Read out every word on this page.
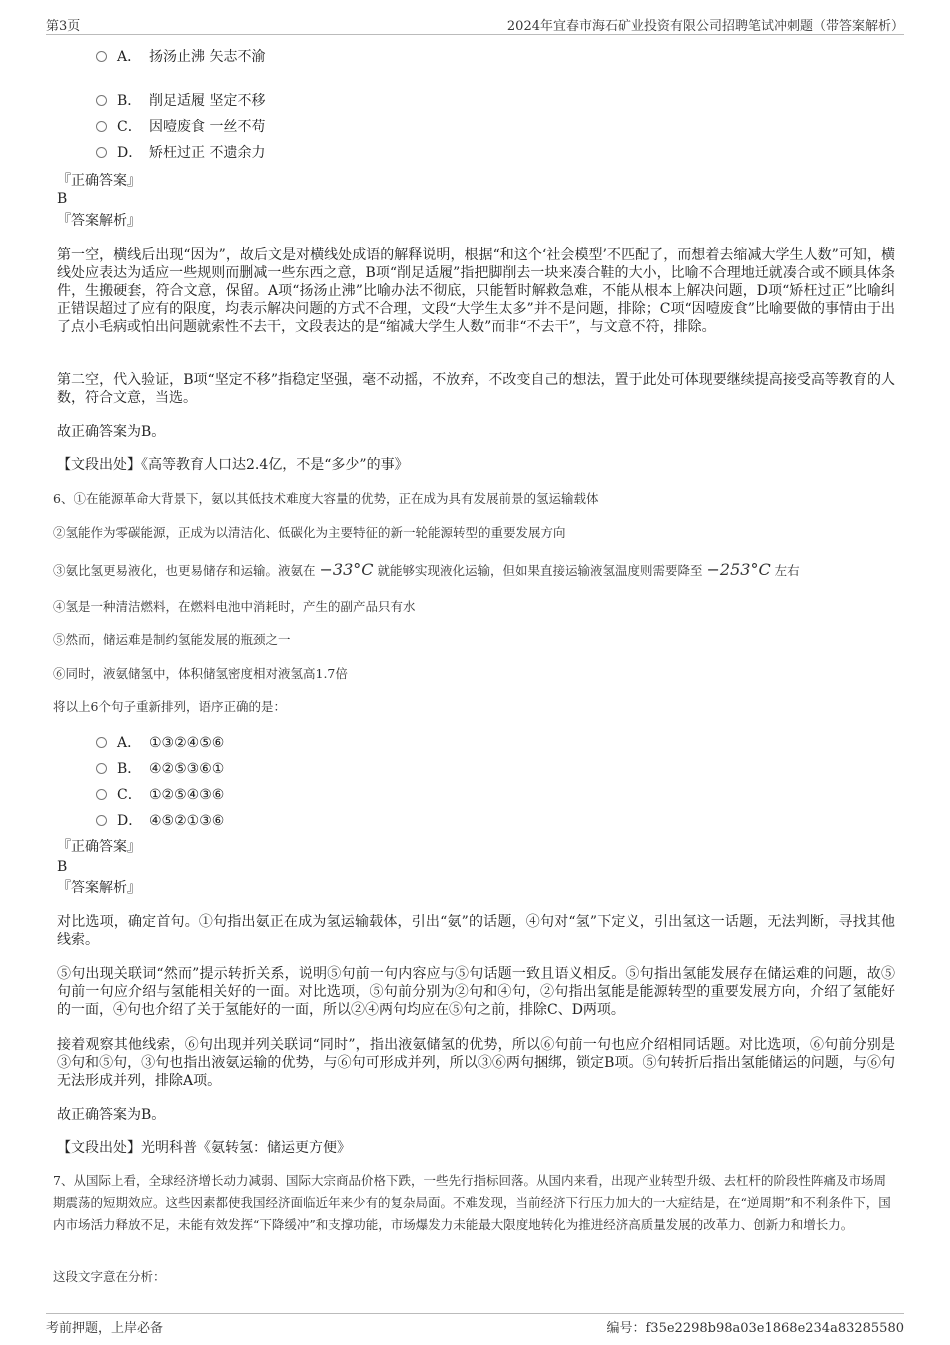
第3页	2024年宜春市海石矿业投资有限公司招聘笔试冲刺题（带答案解析）
A． 扬汤止沸 矢志不渝
B． 削足适履 坚定不移
C． 因噎废食 一丝不苟
D． 矫枉过正 不遗余力
『正确答案』
B
『答案解析』
第一空，横线后出现“因为”，故后文是对横线处成语的解释说明，根据“和这个‘社会模型’不匹配了，而想着去缩减大学生人数”可知，横线处应表达为适应一些规则而删减一些东西之意，B项“削足适履”指把脚削去一块来凑合鞋的大小，比喻不合理地迁就凑合或不顾具体条件，生搬硬套，符合文意，保留。A项“扬汤止沸”比喻办法不彻底，只能暂时解救急难，不能从根本上解决问题，D项“矫枉过正”比喻纠正错误超过了应有的限度，均表示解决问题的方式不合理，文段“大学生太多”并不是问题，排除；C项“因噎废食”比喻要做的事情由于出了点小毛病或怕出问题就索性不去干，文段表达的是“缩减大学生人数”而非“不去干”，与文意不符，排除。
第二空，代入验证，B项“坚定不移”指稳定坚强，毫不动摇，不放弃，不改变自己的想法，置于此处可体现要继续提高接受高等教育的人数，符合文意，当选。
故正确答案为B。
【文段出处】《高等教育人口达2.4亿，不是“多少”的事》
6、①在能源革命大背景下，氨以其低技术难度大容量的优势，正在成为具有发展前景的氢运输载体
②氢能作为零碳能源，正成为以清洁化、低碳化为主要特征的新一轮能源转型的重要发展方向
③氨比氢更易液化，也更易储存和运输。液氨在 −33°C 就能够实现液化运输，但如果直接运输液氢温度则需要降至 −253°C 左右
④氢是一种清洁燃料，在燃料电池中消耗时，产生的副产品只有水
⑤然而，储运难是制约氢能发展的瓶颈之一
⑥同时，液氨储氢中，体积储氢密度相对液氢高1.7倍
将以上6个句子重新排列，语序正确的是：
A． ①③②④⑤⑥
B． ④②⑤③⑥①
C． ①②⑤④③⑥
D． ④⑤②①③⑥
『正确答案』
B
『答案解析』
对比选项，确定首句。①句指出氨正在成为氢运输载体，引出“氨”的话题，④句对“氢”下定义，引出氢这一话题，无法判断，寻找其他线索。
⑤句出现关联词“然而”提示转折关系，说明⑤句前一句内容应与⑤句话题一致且语义相反。⑤句指出氢能发展存在储运难的问题，故⑤句前一句应介绍与氢能相关好的一面。对比选项，⑤句前分别为②句和④句，②句指出氢能是能源转型的重要发展方向，介绍了氢能好的一面，④句也介绍了关于氢能好的一面，所以②④两句均应在⑤句之前，排除C、D两项。
接着观察其他线索，⑥句出现并列关联词“同时”，指出液氨储氢的优势，所以⑥句前一句也应介绍相同话题。对比选项，⑥句前分别是③句和⑤句，③句也指出液氨运输的优势，与⑥句可形成并列，所以③⑥两句捆绑，锁定B项。⑤句转折后指出氢能储运的问题，与⑥句无法形成并列，排除A项。
故正确答案为B。
【文段出处】光明科普《氨转氢：储运更方便》
7、从国际上看，全球经济增长动力减弱、国际大宗商品价格下跌，一些先行指标回落。从国内来看，出现产业转型升级、去杠杆的阶段性阵痛及市场周期震荡的短期效应。这些因素都使我国经济面临近年来少有的复杂局面。不难发现，当前经济下行压力加大的一大症结是，在“逆周期”和不利条件下，国内市场活力释放不足，未能有效发挥“下降缓冲”和支撑功能，市场爆发力未能最大限度地转化为推进经济高质量发展的改革力、创新力和增长力。
这段文字意在分析：
考前押题，上岸必备	编号：f35e2298b98a03e1868e234a83285580
